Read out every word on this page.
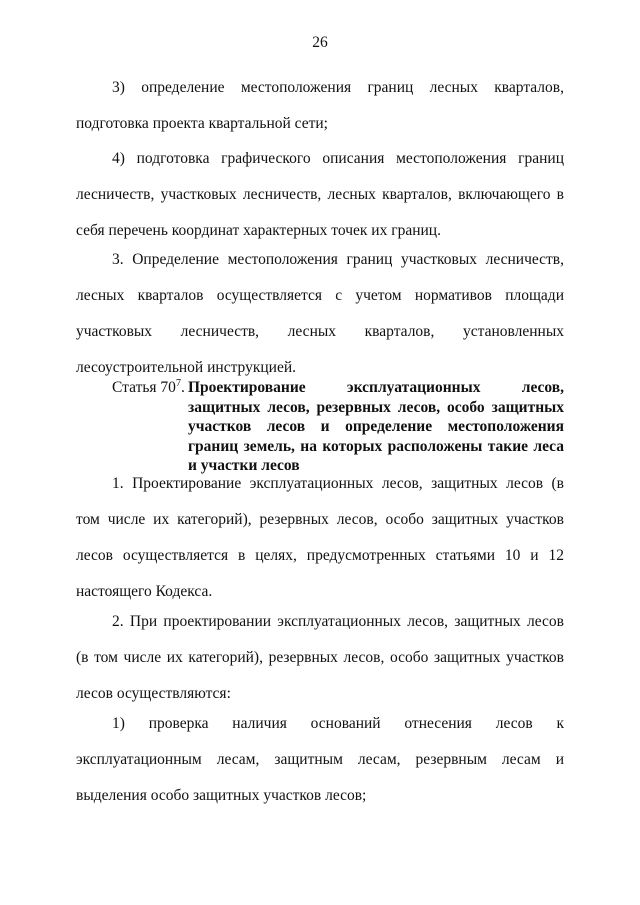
26

3) определение местоположения границ лесных кварталов, подготовка проекта квартальной сети;

4) подготовка графического описания местоположения границ лесничеств, участковых лесничеств, лесных кварталов, включающего в себя перечень координат характерных точек их границ.

3. Определение местоположения границ участковых лесничеств, лесных кварталов осуществляется с учетом нормативов площади участковых лесничеств, лесных кварталов, установленных лесоустроительной инструкцией.

Статья $70^7$. Проектирование эксплуатационных лесов, защитных лесов, резервных лесов, особо защитных участков лесов и определение местоположения границ земель, на которых расположены такие леса и участки лесов

1. Проектирование эксплуатационных лесов, защитных лесов (в том числе их категорий), резервных лесов, особо защитных участков лесов осуществляется в целях, предусмотренных статьями 10 и 12 настоящего Кодекса.

2. При проектировании эксплуатационных лесов, защитных лесов (в том числе их категорий), резервных лесов, особо защитных участков лесов осуществляются:

1) проверка наличия оснований отнесения лесов к эксплуатационным лесам, защитным лесам, резервным лесам и выделения особо защитных участков лесов;
